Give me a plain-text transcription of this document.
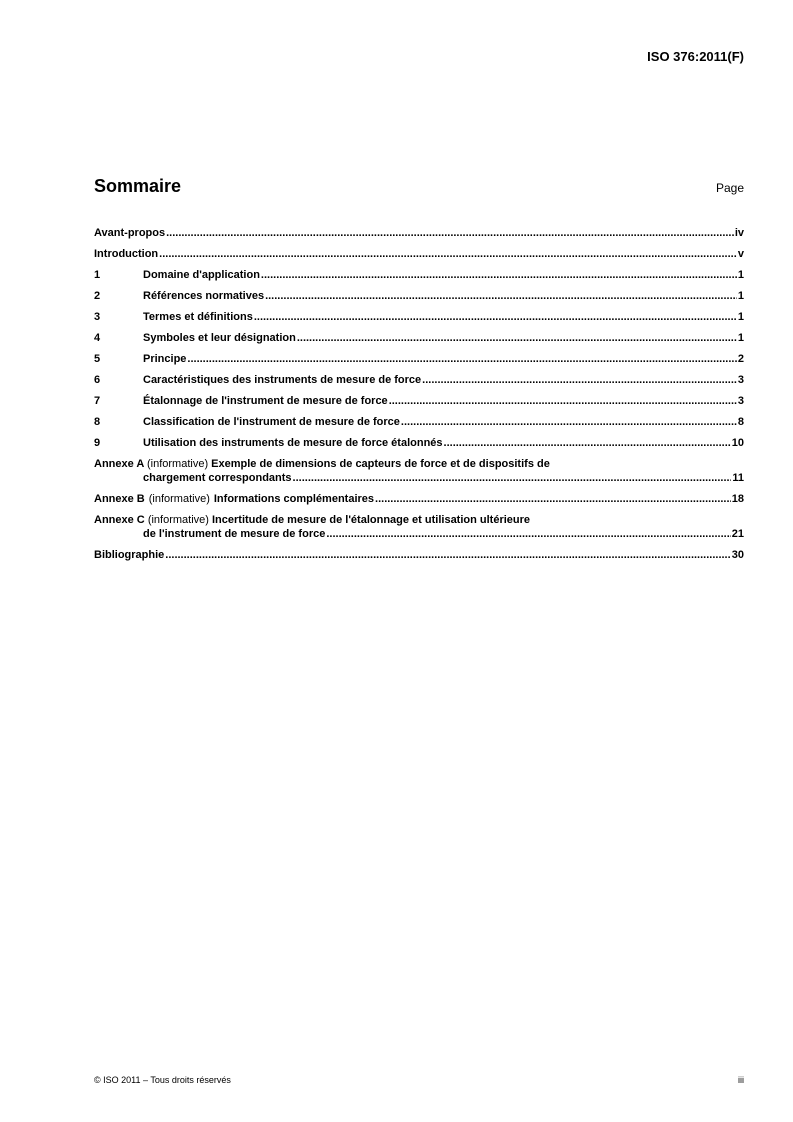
ISO 376:2011(F)
Sommaire	Page
Avant-propos .....	iv
Introduction .....	v
1	Domaine d'application .....	1
2	Références normatives .....	1
3	Termes et définitions .....	1
4	Symboles et leur désignation .....	1
5	Principe .....	2
6	Caractéristiques des instruments de mesure de force .....	3
7	Étalonnage de l'instrument de mesure de force .....	3
8	Classification de l'instrument de mesure de force .....	8
9	Utilisation des instruments de mesure de force étalonnés .....	10
Annexe A (informative) Exemple de dimensions de capteurs de force et de dispositifs de
chargement correspondants .....	11
Annexe B (informative) Informations complémentaires .....	18
Annexe C (informative) Incertitude de mesure de l'étalonnage et utilisation ultérieure
de l'instrument de mesure de force .....	21
Bibliographie .....	30
© ISO 2011 – Tous droits réservés	iii
